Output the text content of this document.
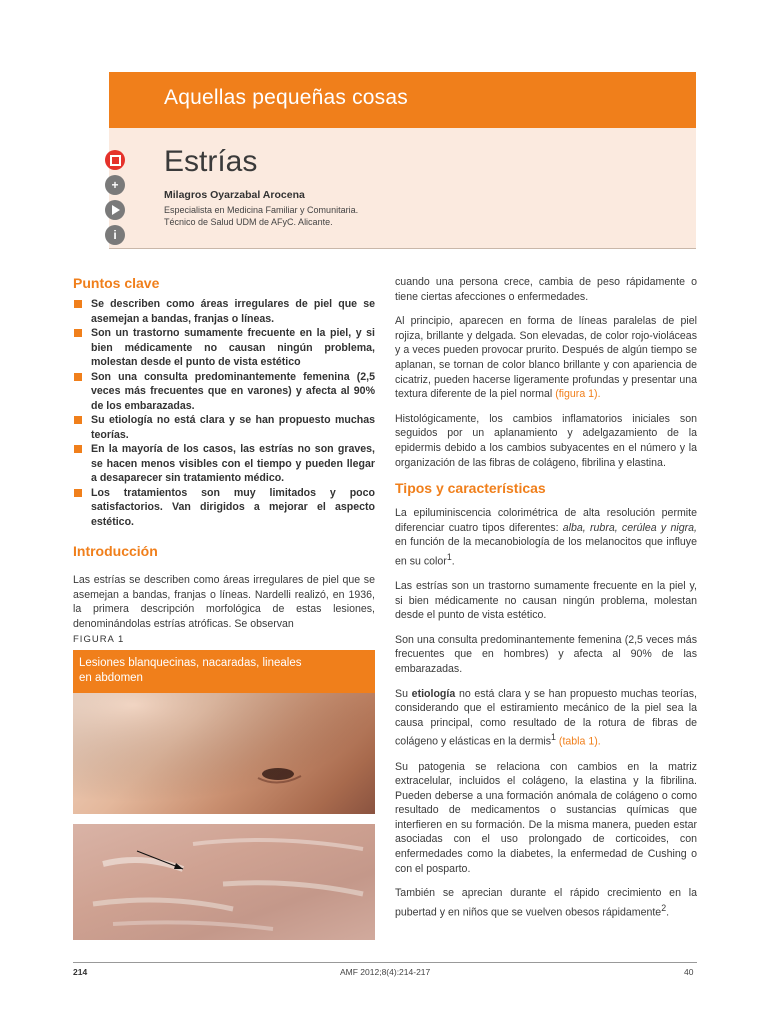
Aquellas pequeñas cosas
+
i
Estrías
Milagros Oyarzabal Arocena
Especialista en Medicina Familiar y Comunitaria.
Técnico de Salud UDM de AFyC. Alicante.
Puntos clave
Se describen como áreas irregulares de piel que se asemejan a bandas, franjas o líneas.
Son un trastorno sumamente frecuente en la piel, y si bien médicamente no causan ningún problema, molestan desde el punto de vista estético
Son una consulta predominantemente femenina (2,5 veces más frecuentes que en varones) y afecta al 90% de los embarazadas.
Su etiología no está clara y se han propuesto muchas teorías.
En la mayoría de los casos, las estrías no son graves, se hacen menos visibles con el tiempo y pueden llegar a desaparecer sin tratamiento médico.
Los tratamientos son muy limitados y poco satisfactorios. Van dirigidos a mejorar el aspecto estético.
Introducción

Las estrías se describen como áreas irregulares de piel que se asemejan a bandas, franjas o líneas. Nardelli realizó, en 1936, la primera descripción morfológica de estas lesiones, denominándolas estrías atróficas. Se observan

FIGURA 1
Lesiones blanquecinas, nacaradas, lineales
en abdomen

cuando una persona crece, cambia de peso rápidamente o tiene ciertas afecciones o enfermedades.

Al principio, aparecen en forma de líneas paralelas de piel rojiza, brillante y delgada. Son elevadas, de color rojo-violáceas y a veces pueden provocar prurito. Después de algún tiempo se aplanan, se tornan de color blanco brillante y con apariencia de cicatriz, pueden hacerse ligeramente profundas y presentar una textura diferente de la piel normal (figura 1).

Histológicamente, los cambios inflamatorios iniciales son seguidos por un aplanamiento y adelgazamiento de la epidermis debido a los cambios subyacentes en el número y la organización de las fibras de colágeno, fibrilina y elastina.

Tipos y características

La epiluminiscencia colorimétrica de alta resolución permite diferenciar cuatro tipos diferentes: alba, rubra, cerúlea y nigra, en función de la mecanobiología de los melanocitos que influye en su color$^1$.

Las estrías son un trastorno sumamente frecuente en la piel y, si bien médicamente no causan ningún problema, molestan desde el punto de vista estético.

Son una consulta predominantemente femenina (2,5 veces más frecuentes que en hombres) y afecta al 90% de las embarazadas.

Su etiología no está clara y se han propuesto muchas teorías, considerando que el estiramiento mecánico de la piel sea la causa principal, como resultado de la rotura de fibras de colágeno y elásticas en la dermis$^1$ (tabla 1).

Su patogenia se relaciona con cambios en la matriz extracelular, incluidos el colágeno, la elastina y la fibrilina. Pueden deberse a una formación anómala de colágeno o como resultado de medicamentos o sustancias químicas que interfieren en su formación. De la misma manera, pueden estar asociadas con el uso prolongado de corticoides, con enfermedades como la diabetes, la enfermedad de Cushing o con el posparto.

También se aprecian durante el rápido crecimiento en la pubertad y en niños que se vuelven obesos rápidamente$^2$.

214	AMF 2012;8(4):214-217	40
